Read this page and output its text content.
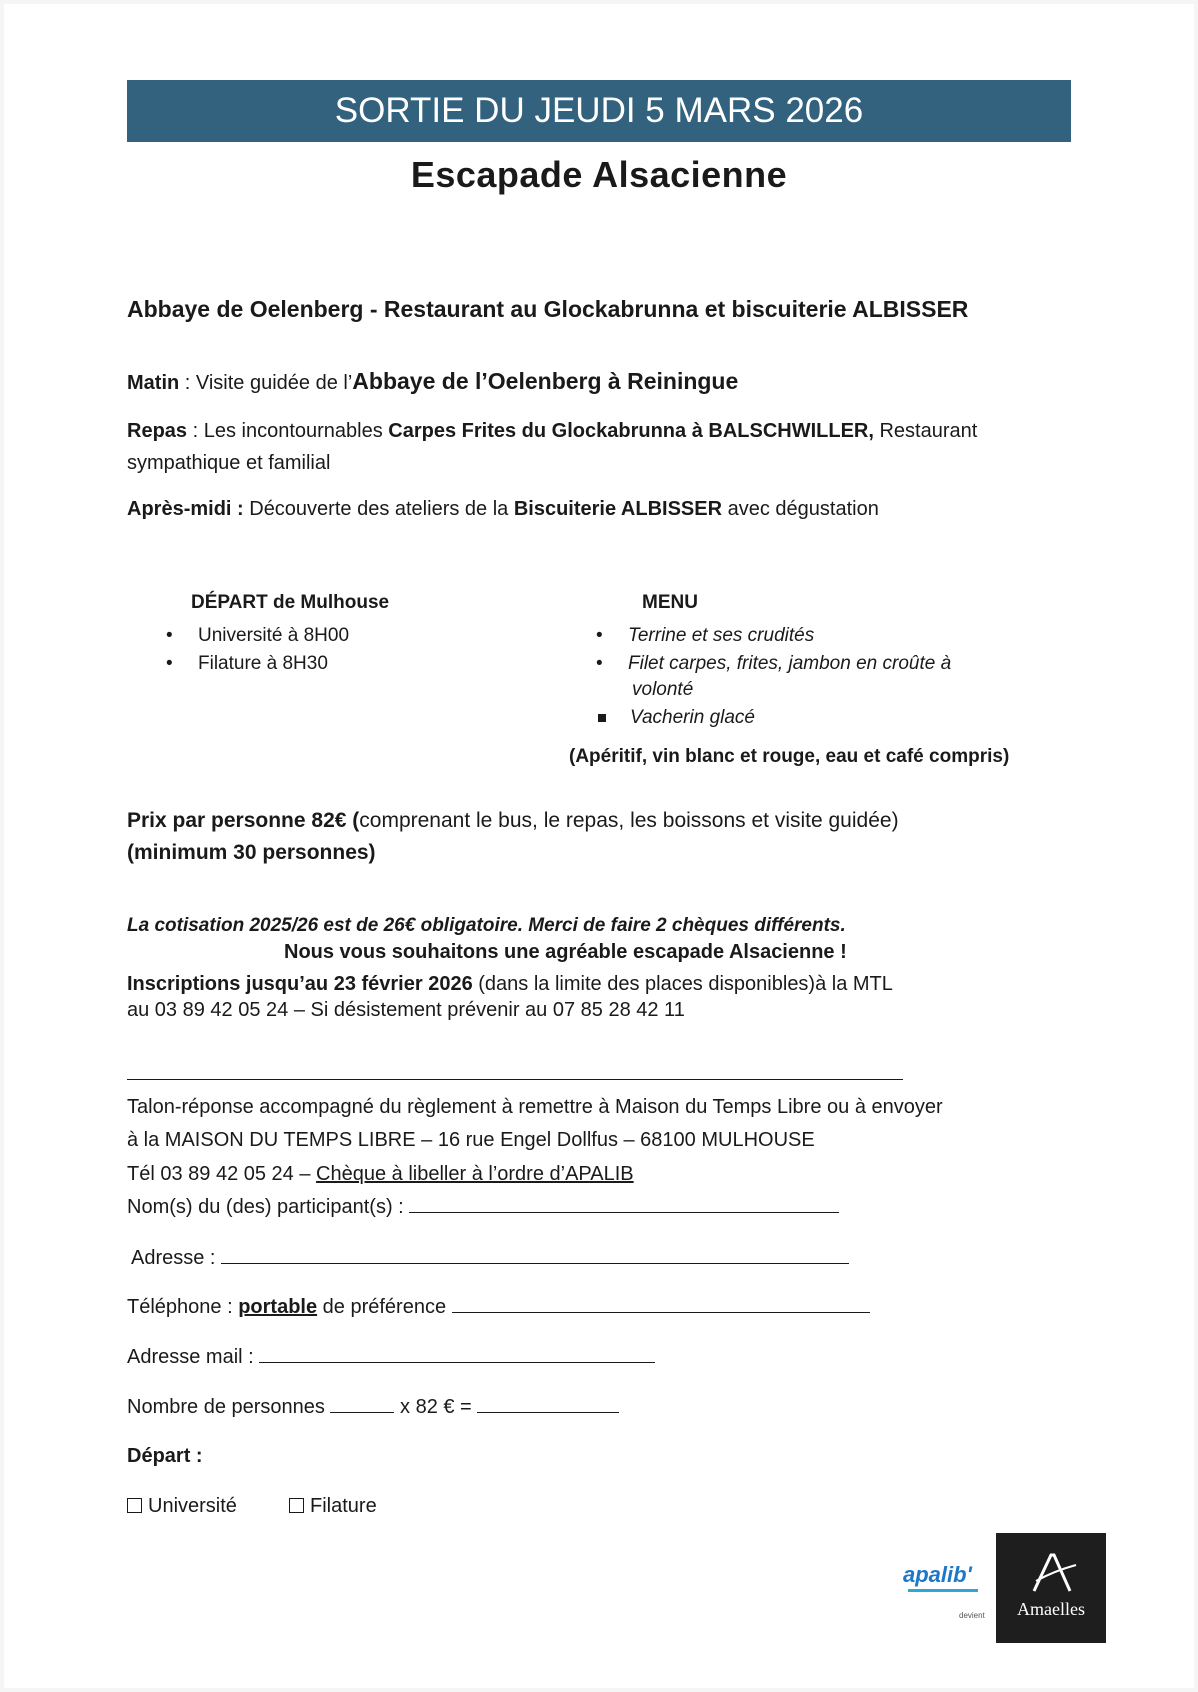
SORTIE DU JEUDI 5 MARS 2026
Escapade Alsacienne
Abbaye de Oelenberg - Restaurant au Glockabrunna et biscuiterie ALBISSER
Matin : Visite guidée de l’Abbaye de l’Oelenberg à Reiningue
Repas : Les incontournables Carpes Frites du Glockabrunna à BALSCHWILLER, Restaurant
sympathique et familial
Après-midi : Découverte des ateliers de la Biscuiterie ALBISSER avec dégustation
DÉPART de Mulhouse
•	Université à 8H00
•	Filature à 8H30
MENU
• Terrine et ses crudités
• Filet carpes, frites, jambon en croûte à
volonté
Vacherin glacé
(Apéritif, vin blanc et rouge, eau et café compris)
Prix par personne 82€ (comprenant le bus, le repas, les boissons et visite guidée)
(minimum 30 personnes)
La cotisation 2025/26 est de 26€ obligatoire. Merci de faire 2 chèques différents.
Nous vous souhaitons une agréable escapade Alsacienne !
Inscriptions jusqu’au 23 février 2026 (dans la limite des places disponibles)à la MTL
au 03 89 42 05 24 – Si désistement prévenir au 07 85 28 42 11
Talon-réponse accompagné du règlement à remettre à Maison du Temps Libre ou à envoyer
à la MAISON DU TEMPS LIBRE – 16 rue Engel Dollfus – 68100 MULHOUSE
Tél 03 89 42 05 24 – Chèque à libeller à l’ordre d’APALIB
Nom(s) du (des) participant(s) :
Adresse :
Téléphone : portable de préférence
Adresse mail :
Nombre de personnes	x 82 € =
Départ :
Université	Filature
apalib'
devient	Amaelles
